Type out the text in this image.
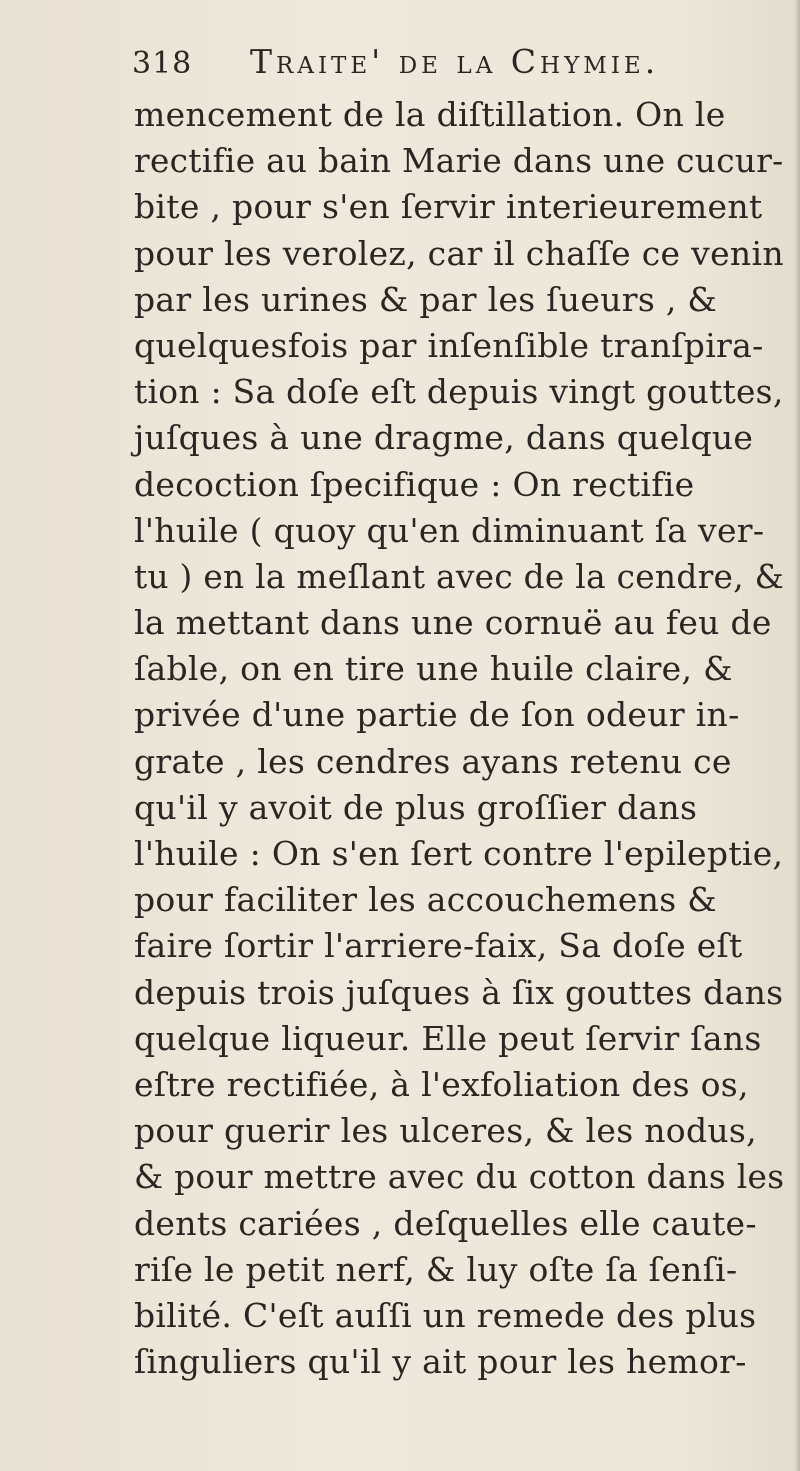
318 Traite' de la Chymie.
mencement de la diſtillation. On le
rectifie au bain Marie dans une cucur-
bite , pour s'en ſervir interieurement
pour les verolez, car il chaſſe ce venin
par les urines & par les ſueurs , &
quelquesfois par inſenſible tranſpira-
tion : Sa doſe eſt depuis vingt gouttes,
juſques à une dragme, dans quelque
decoction ſpecifique : On rectifie
l'huile ( quoy qu'en diminuant ſa ver-
tu ) en la meſlant avec de la cendre, &
la mettant dans une cornuë au feu de
ſable, on en tire une huile claire, &
privée d'une partie de ſon odeur in-
grate , les cendres ayans retenu ce
qu'il y avoit de plus groſſier dans
l'huile : On s'en ſert contre l'epileptie,
pour faciliter les accouchemens &
faire ſortir l'arriere-faix, Sa doſe eſt
depuis trois juſques à ſix gouttes dans
quelque liqueur. Elle peut ſervir ſans
eſtre rectifiée, à l'exfoliation des os,
pour guerir les ulceres, & les nodus,
& pour mettre avec du cotton dans les
dents cariées , deſquelles elle caute-
riſe le petit nerf, & luy oſte ſa ſenſi-
bilité. C'eſt auſſi un remede des plus
ſinguliers qu'il y ait pour les hemor-
